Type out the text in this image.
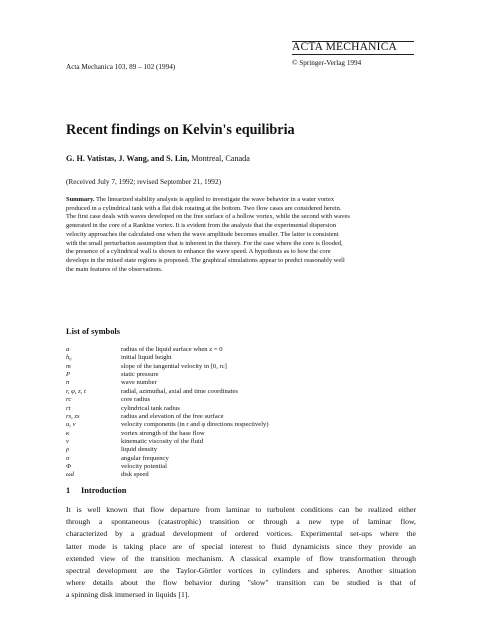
Acta Mechanica 103, 89 – 102 (1994)
ACTA MECHANICA
© Springer-Verlag 1994
Recent findings on Kelvin's equilibria
G. H. Vatistas, J. Wang, and S. Lin, Montreal, Canada
(Received July 7, 1992; revised September 21, 1992)
Summary. The linearized stability analysis is applied to investigate the wave behavior in a water vortex
produced in a cylindrical tank with a flat disk rotating at the bottom. Two flow cases are considered herein.
The first case deals with waves developed on the free surface of a hollow vortex, while the second with waves
generated in the core of a Rankine vortex. It is evident from the analysis that the experimental dispersion
velocity approaches the calculated one when the wave amplitude becomes smaller. The latter is consistent
with the small perturbation assumption that is inherent in the theory. For the case where the core is flooded,
the presence of a cylindrical wall is shown to enhance the wave speed. A hypothesis as to how the core
develops in the mixed state regions is proposed. The graphical simulations appear to predict reasonably well
the main features of the observations.
List of symbols
a	radius of the liquid surface when z = 0
h₀	initial liquid height
m	slope of the tangential velocity in [0, rc]
P	static pressure
n	wave number
r, φ, z, t	radial, azimuthal, axial and time coordinates
rc	core radius
rt	cylindrical tank radius
rs, zs	radius and elevation of the free surface
u, v	velocity components (in r and φ directions respectively)
κ	vortex strength of the base flow
ν	kinematic viscosity of the fluid
ρ	liquid density
σ	angular frequency
Φ	velocity potential
ωd	disk speed
1 Introduction
It is well known that flow departure from laminar to turbulent conditions can be realized either
through a spontaneous (catastrophic) transition or through a new type of laminar flow,
characterized by a gradual development of ordered vortices. Experimental set-ups where the
latter mode is taking place are of special interest to fluid dynamicists since they provide an
extended view of the transition mechanism. A classical example of flow transformation through
spectral development are the Taylor-Görtler vortices in cylinders and spheres. Another situation
where details about the flow behavior during "slow" transition can be studied is that of
a spinning disk immersed in liquids [1].
